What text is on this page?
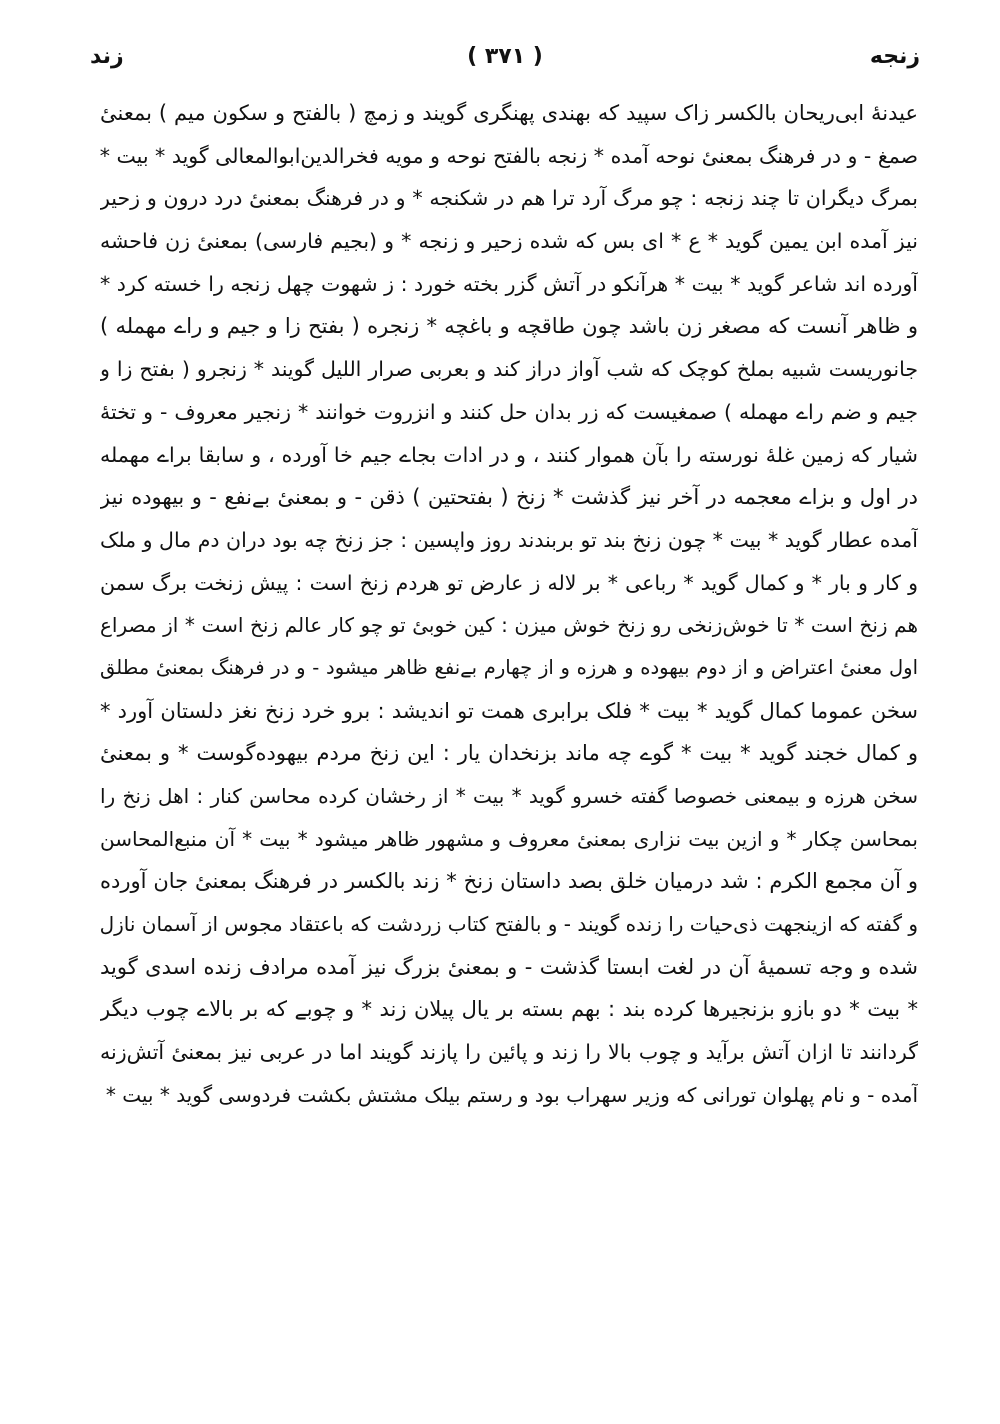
زنجه
( ۳۷۱ )
زند
عیدنهٔ ابی‌ریحان بالکسر زاک سپید که بهندی پهنگری گویند و زمچ ( بالفتح و سکون میم ) بمعنیٔ
صمغ - و در فرهنگ بمعنیٔ نوحه آمده * زنجه بالفتح نوحه و مویه فخرالدین‌ابوالمعالی گوید * بیت *
بمرگ دیگران تا چند زنجه : چو مرگ آرد ترا هم در شکنجه * و در فرهنگ بمعنیٔ درد درون و زحیر
نیز آمده ابن یمین گوید * ع * ای بس که شده زحیر و زنجه * و (بجیم فارسی) بمعنیٔ زن فاحشه
آورده اند شاعر گوید * بیت * هرآنکو در آتش گزر بخته خورد : ز شهوت چهل زنجه را خسته کرد *
و ظاهر آنست که مصغر زن باشد چون طاقچه و باغچه * زنجره ( بفتح زا و جیم و راے مهمله )
جانوریست شبیه بملخ کوچک که شب آواز دراز کند و بعربی صرار اللیل گویند * زنجرو ( بفتح زا و
جیم و ضم راے مهمله ) صمغیست که زر بدان حل کنند و انزروت خوانند * زنجیر معروف - و تختهٔ
شیار که زمین غلهٔ نورسته را بآن هموار کنند ، و در ادات بجاے جیم خا آورده ، و سابقا براے مهمله
در اول و بزاے معجمه در آخر نیز گذشت * زنخ ( بفتحتین ) ذقن - و بمعنیٔ بے‌نفع - و بیهوده نیز
آمده عطار گوید * بیت * چون زنخ بند تو بربندند روز واپسین : جز زنخ چه بود دران دم مال و ملک
و کار و بار * و کمال گوید * رباعی * بر لاله ز عارض تو هردم زنخ است : پیش زنخت برگ سمن
هم زنخ است * تا خوش‌زنخی رو زنخ خوش میزن : کین خوبیٔ تو چو کار عالم زنخ است * از مصراع
اول معنیٔ اعتراض و از دوم بیهوده و هرزه و از چهارم بے‌نفع ظاهر میشود - و در فرهنگ بمعنیٔ مطلق
سخن عموما کمال گوید * بیت * فلک برابری همت تو اندیشد : برو خرد زنخ نغز دلستان آورد *
و کمال خجند گوید * بیت * گوے چه ماند بزنخدان یار : این زنخ مردم بیهوده‌گوست * و بمعنیٔ
سخن هرزه و بیمعنی خصوصا گفته خسرو گوید * بیت * از رخشان کرده محاسن کنار : اهل زنخ را
بمحاسن چکار * و ازین بیت نزاری بمعنیٔ معروف و مشهور ظاهر میشود * بیت * آن منبع‌المحاسن
و آن مجمع الکرم : شد درمیان خلق بصد داستان زنخ * زند بالکسر در فرهنگ بمعنیٔ جان آورده
و گفته که ازینجهت ذی‌حیات را زنده گویند - و بالفتح کتاب زردشت که باعتقاد مجوس از آسمان نازل
شده و وجه تسمیهٔ آن در لغت ابستا گذشت - و بمعنیٔ بزرگ نیز آمده مرادف زنده اسدی گوید
* بیت * دو بازو بزنجیرها کرده بند : بهم بسته بر یال پیلان زند * و چوبے که بر بالاے چوب دیگر
گردانند تا ازان آتش برآید و چوب بالا را زند و پائین را پازند گویند اما در عربی نیز بمعنیٔ آتش‌زنه
آمده - و نام پهلوان تورانی که وزیر سهراب بود و رستم بیلک مشتش بکشت فردوسی گوید * بیت *
